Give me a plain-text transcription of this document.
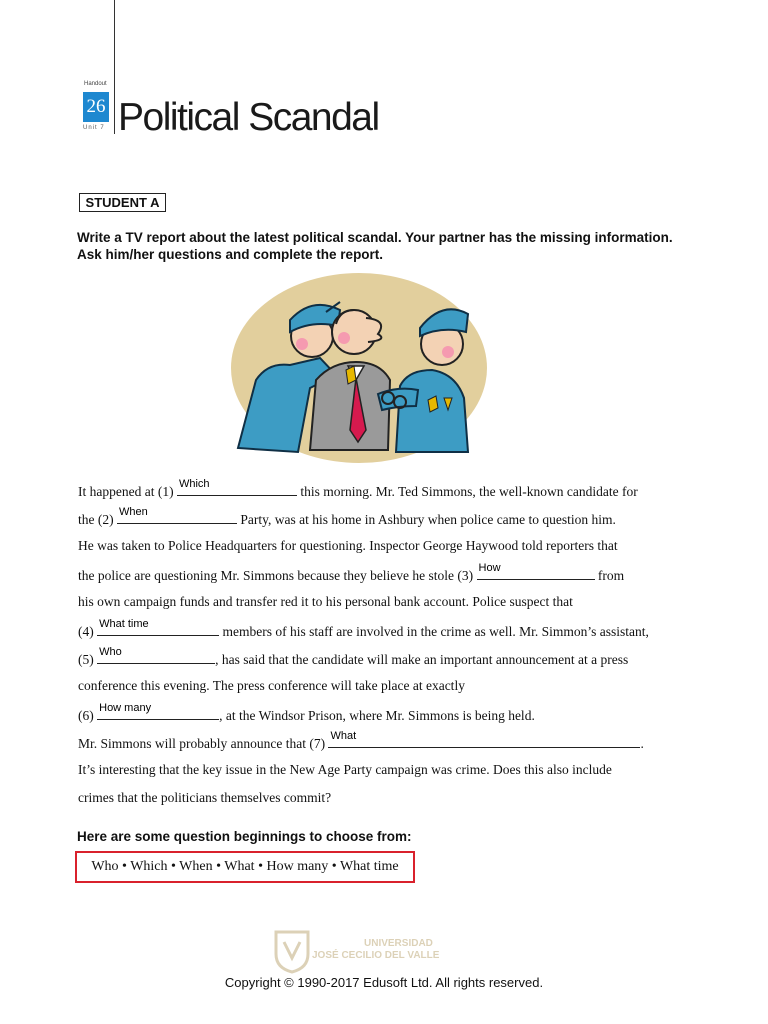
Handout
26
Unit 7 Political Scandal
STUDENT A
Write a TV report about the latest political scandal. Your partner has the missing information. Ask him/her questions and complete the report.
It happened at (1) Which	this morning. Mr. Ted Simmons, the well-known candidate for
the (2) When	Party, was at his home in Ashbury when police came to question him.
He was taken to Police Headquarters for questioning. Inspector George Haywood told reporters that
the police are questioning Mr. Simmons because they believe he stole (3) How	from
his own campaign funds and transfer red it to his personal bank account. Police suspect that
(4) What time	members of his staff are involved in the crime as well. Mr. Simmon’s assistant,
(5) Who	, has said that the candidate will make an important announcement at a press
conference this evening. The press conference will take place at exactly
(6) How many	, at the Windsor Prison, where Mr. Simmons is being held.
Mr. Simmons will probably announce that (7) What	.
It’s interesting that the key issue in the New Age Party campaign was crime. Does this also include
crimes that the politicians themselves commit?
Here are some question beginnings to choose from:
Who • Which • When • What • How many • What time
UNIVERSIDAD
JOSÉ CECILIO DEL VALLE
Copyright © 1990-2017 Edusoft Ltd. All rights reserved.
